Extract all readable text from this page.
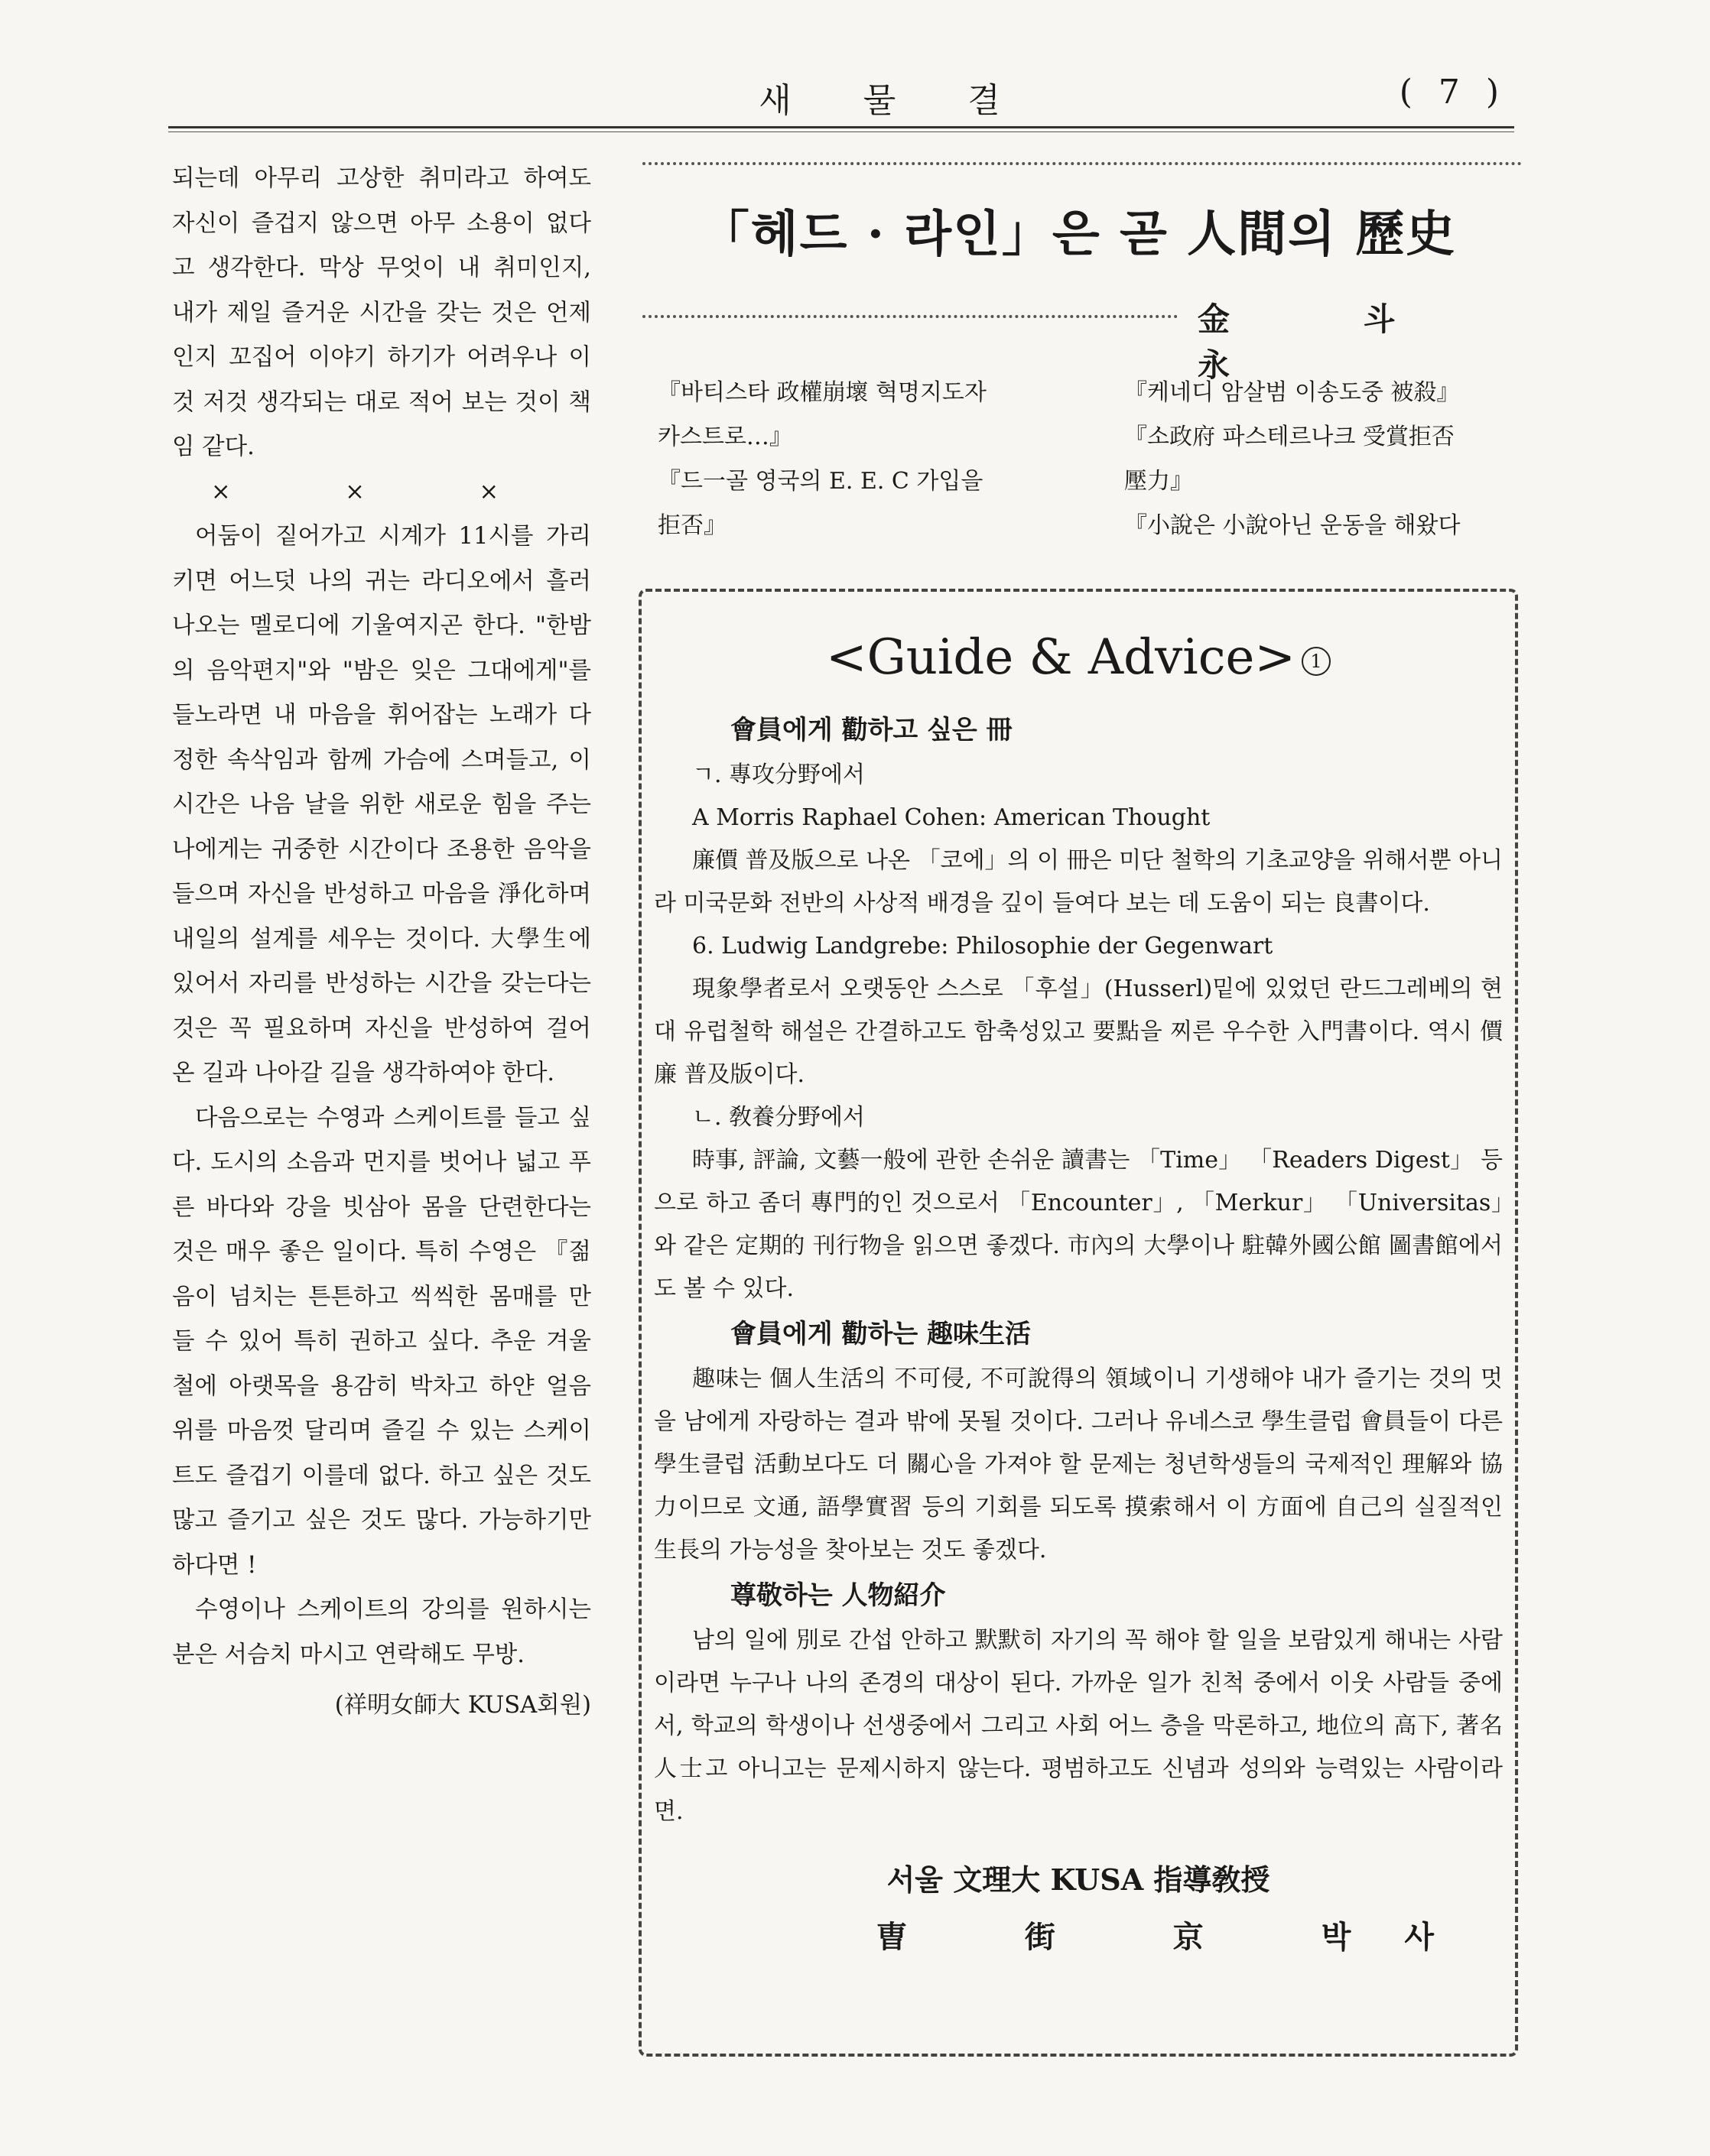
새 물 결	( 7 )

되는데 아무리 고상한 취미라고 하여도 자신이 즐겁지 않으면 아무 소용이 없다고 생각한다. 막상 무엇이 내 취미인지, 내가 제일 즐거운 시간을 갖는 것은 언제인지 꼬집어 이야기 하기가 어려우나 이것 저것 생각되는 대로 적어 보는 것이 책임 같다.

× × ×

어둠이 짙어가고 시계가 11시를 가리키면 어느덧 나의 귀는 라디오에서 흘러 나오는 멜로디에 기울여지곤 한다. "한밤의 음악편지"와 "밤은 잊은 그대에게"를 들노라면 내 마음을 휘어잡는 노래가 다정한 속삭임과 함께 가슴에 스며들고, 이 시간은 나음 날을 위한 새로운 힘을 주는 나에게는 귀중한 시간이다 조용한 음악을 들으며 자신을 반성하고 마음을 淨化하며 내일의 설계를 세우는 것이다. 大學生에 있어서 자리를 반성하는 시간을 갖는다는 것은 꼭 필요하며 자신을 반성하여 걸어온 길과 나아갈 길을 생각하여야 한다.

다음으로는 수영과 스케이트를 들고 싶다. 도시의 소음과 먼지를 벗어나 넓고 푸른 바다와 강을 빗삼아 몸을 단련한다는 것은 매우 좋은 일이다. 특히 수영은 『젊음이 넘치는 튼튼하고 씩씩한 몸매를 만들 수 있어 특히 권하고 싶다. 추운 겨울 철에 아랫목을 용감히 박차고 하얀 얼음위를 마음껏 달리며 즐길 수 있는 스케이트도 즐겁기 이를데 없다. 하고 싶은 것도많고 즐기고 싶은 것도 많다. 가능하기만 하다면 !

수영이나 스케이트의 강의를 원하시는 분은 서슴치 마시고 연락해도 무방.

(祥明女師大 KUSA회원)

「헤드 · 라인」은 곧 人間의 歷史
金 斗 永
『바티스타 政權崩壞 혁명지도자
카스트로…』
『드一골 영국의 E. E. C 가입을
拒否』
『케네디 암살범 이송도중 被殺』
『소政府 파스테르나크 受賞拒否
壓力』
『小說은 小說아닌 운동을 해왔다
<Guide & Advice> 1
會員에게 勸하고 싶은 冊
ㄱ. 專攻分野에서
A Morris Raphael Cohen: American Thought
廉價 普及版으로 나온 「코에」의 이 冊은 미단 철학의 기초교양을 위해서뿐 아니라 미국문화 전반의 사상적 배경을 깊이 들여다 보는 데 도움이 되는 良書이다.
6. Ludwig Landgrebe: Philosophie der Gegenwart
現象學者로서 오랫동안 스스로 「후설」(Husserl)밑에 있었던 란드그레베의 현대 유럽철학 해설은 간결하고도 함축성있고 要點을 찌른 우수한 入門書이다. 역시 價廉 普及版이다.
ㄴ. 敎養分野에서
時事, 評論, 文藝一般에 관한 손쉬운 讀書는 「Time」 「Readers Digest」 등으로 하고 좀더 專門的인 것으로서 「Encounter」, 「Merkur」 「Universitas」와 같은 定期的 刊行物을 읽으면 좋겠다. 市內의 大學이나 駐韓外國公館 圖書館에서도 볼 수 있다.
會員에게 勸하는 趣味生活
趣味는 個人生活의 不可侵, 不可說得의 領域이니 기생해야 내가 즐기는 것의 멋을 남에게 자랑하는 결과 밖에 못될 것이다. 그러나 유네스코 學生클럽 會員들이 다른 學生클럽 活動보다도 더 關心을 가져야 할 문제는 청년학생들의 국제적인 理解와 協力이므로 文通, 語學實習 등의 기회를 되도록 摸索해서 이 方面에 自己의 실질적인 生長의 가능성을 찾아보는 것도 좋겠다.
尊敬하는 人物紹介
남의 일에 別로 간섭 안하고 默默히 자기의 꼭 해야 할 일을 보람있게 해내는 사람이라면 누구나 나의 존경의 대상이 된다. 가까운 일가 친척 중에서 이웃 사람들 중에서, 학교의 학생이나 선생중에서 그리고 사회 어느 층을 막론하고, 地位의 高下, 著名人士고 아니고는 문제시하지 않는다. 평범하고도 신념과 성의와 능력있는 사람이라면.
서울 文理大 KUSA 指導敎授
曺 街 京 박사
